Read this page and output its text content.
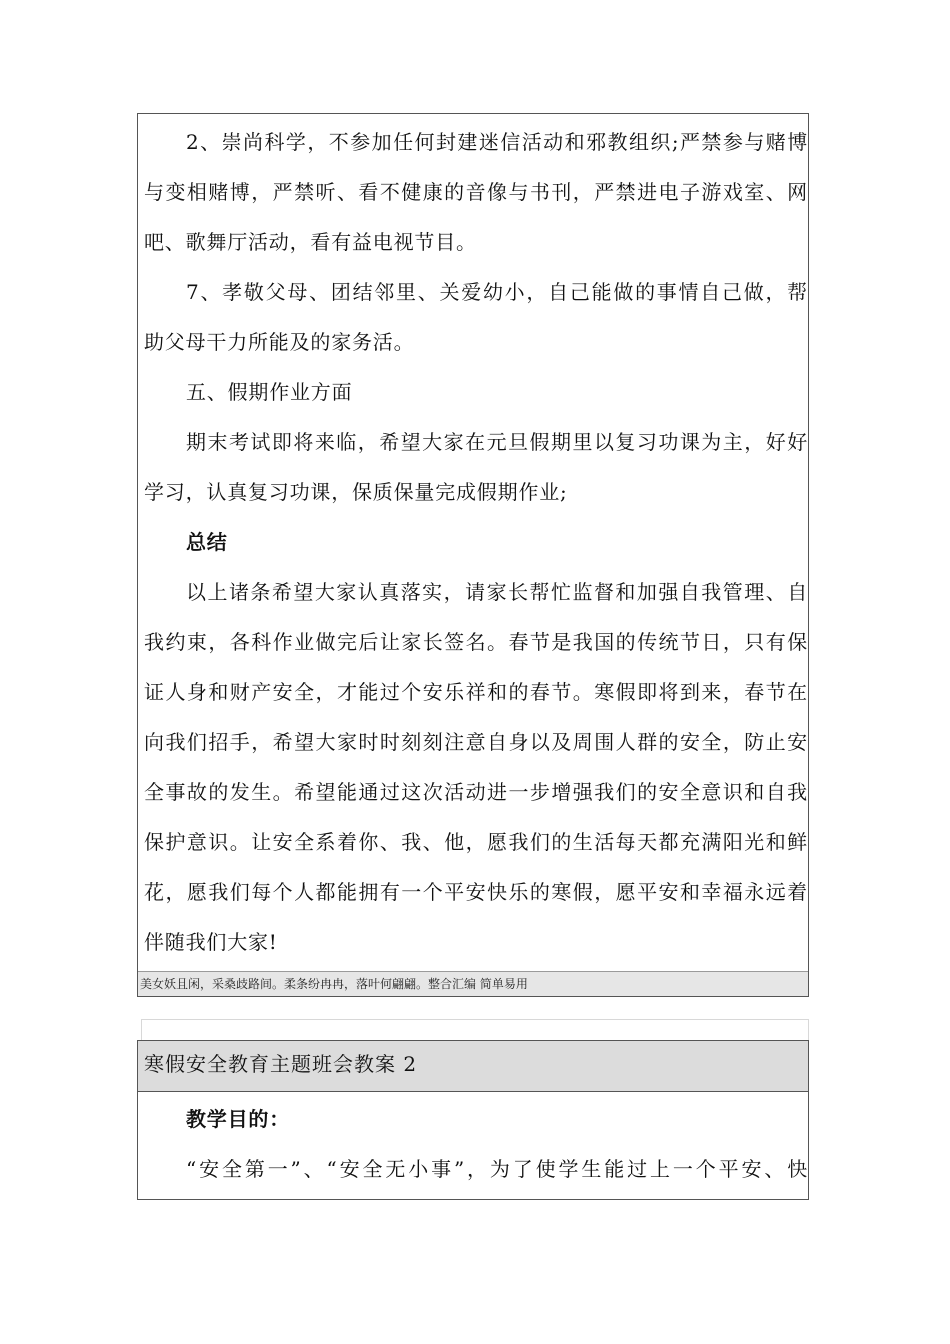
2、崇尚科学，不参加任何封建迷信活动和邪教组织;严禁参与赌博
与变相赌博，严禁听、看不健康的音像与书刊，严禁进电子游戏室、网
吧、歌舞厅活动，看有益电视节目。
7、孝敬父母、团结邻里、关爱幼小，自己能做的事情自己做，帮
助父母干力所能及的家务活。
五、假期作业方面
期末考试即将来临，希望大家在元旦假期里以复习功课为主，好好
学习，认真复习功课，保质保量完成假期作业;
总结
以上诸条希望大家认真落实，请家长帮忙监督和加强自我管理、自
我约束，各科作业做完后让家长签名。春节是我国的传统节日，只有保
证人身和财产安全，才能过个安乐祥和的春节。寒假即将到来，春节在
向我们招手，希望大家时时刻刻注意自身以及周围人群的安全，防止安
全事故的发生。希望能通过这次活动进一步增强我们的安全意识和自我
保护意识。让安全系着你、我、他，愿我们的生活每天都充满阳光和鲜
花，愿我们每个人都能拥有一个平安快乐的寒假，愿平安和幸福永远着
伴随我们大家!
美女妖且闲，采桑歧路间。柔条纷冉冉，落叶何翩翩。整合汇编 简单易用
寒假安全教育主题班会教案 2
教学目的：
“安全第一”、“安全无小事”，为了使学生能过上一个平安、快
